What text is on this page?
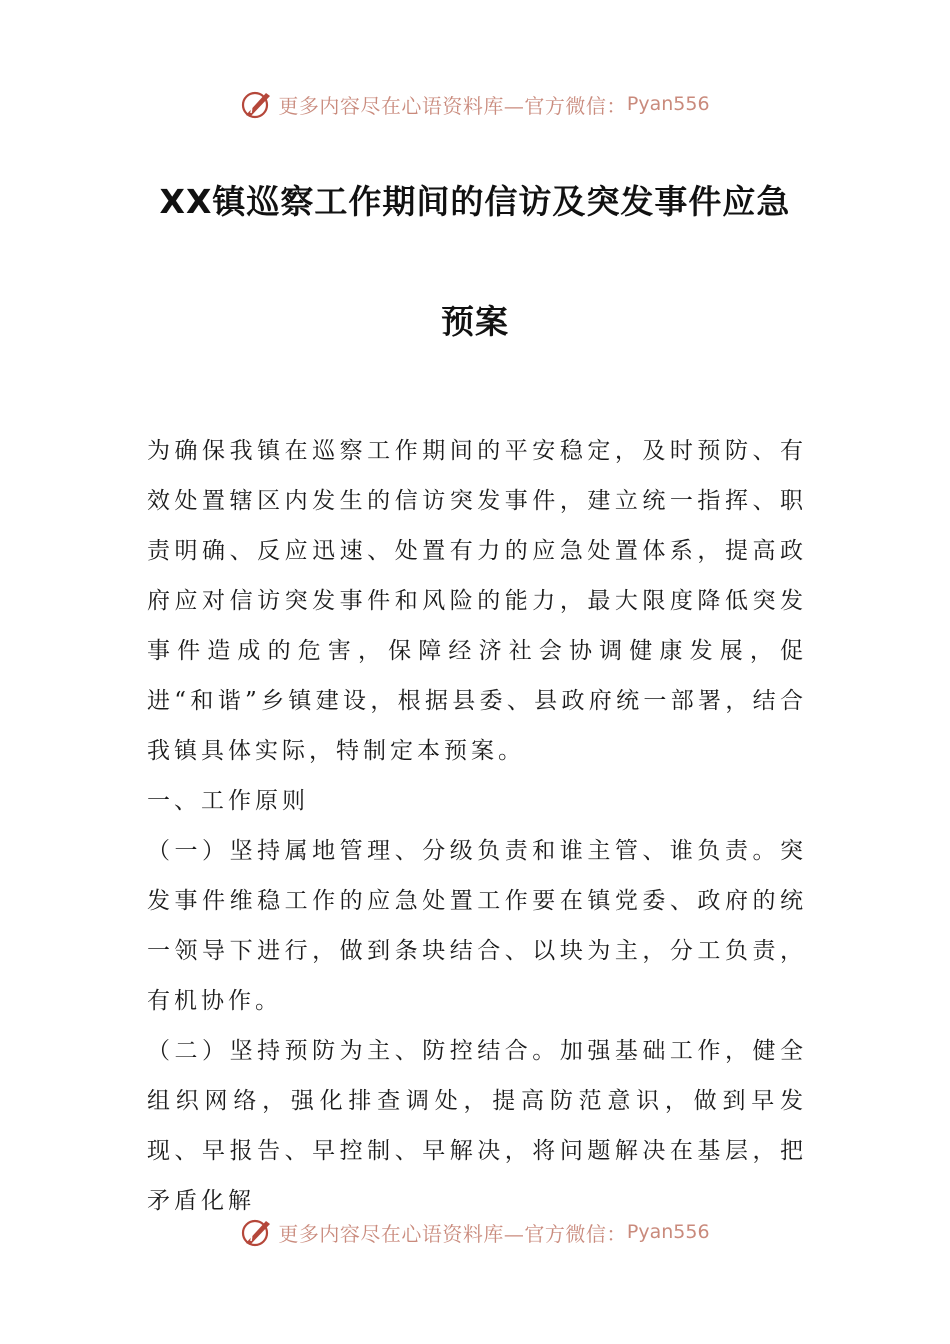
更多内容尽在心语资料库—官方微信： Pyan556
XX镇巡察工作期间的信访及突发事件应急
预案

为确保我镇在巡察工作期间的平安稳定，及时预防、有效处置辖区内发生的信访突发事件，建立统一指挥、职责明确、反应迅速、处置有力的应急处置体系，提高政府应对信访突发事件和风险的能力，最大限度降低突发事件造成的危害，保障经济社会协调健康发展，促进“和谐”乡镇建设，根据县委、县政府统一部署，结合我镇具体实际，特制定本预案。

一、工作原则

（一）坚持属地管理、分级负责和谁主管、谁负责。突发事件维稳工作的应急处置工作要在镇党委、政府的统一领导下进行，做到条块结合、以块为主，分工负责，有机协作。

（二）坚持预防为主、防控结合。加强基础工作，健全组织网络，强化排查调处，提高防范意识，做到早发现、早报告、早控制、早解决，将问题解决在基层，把矛盾化解

更多内容尽在心语资料库—官方微信： Pyan556
